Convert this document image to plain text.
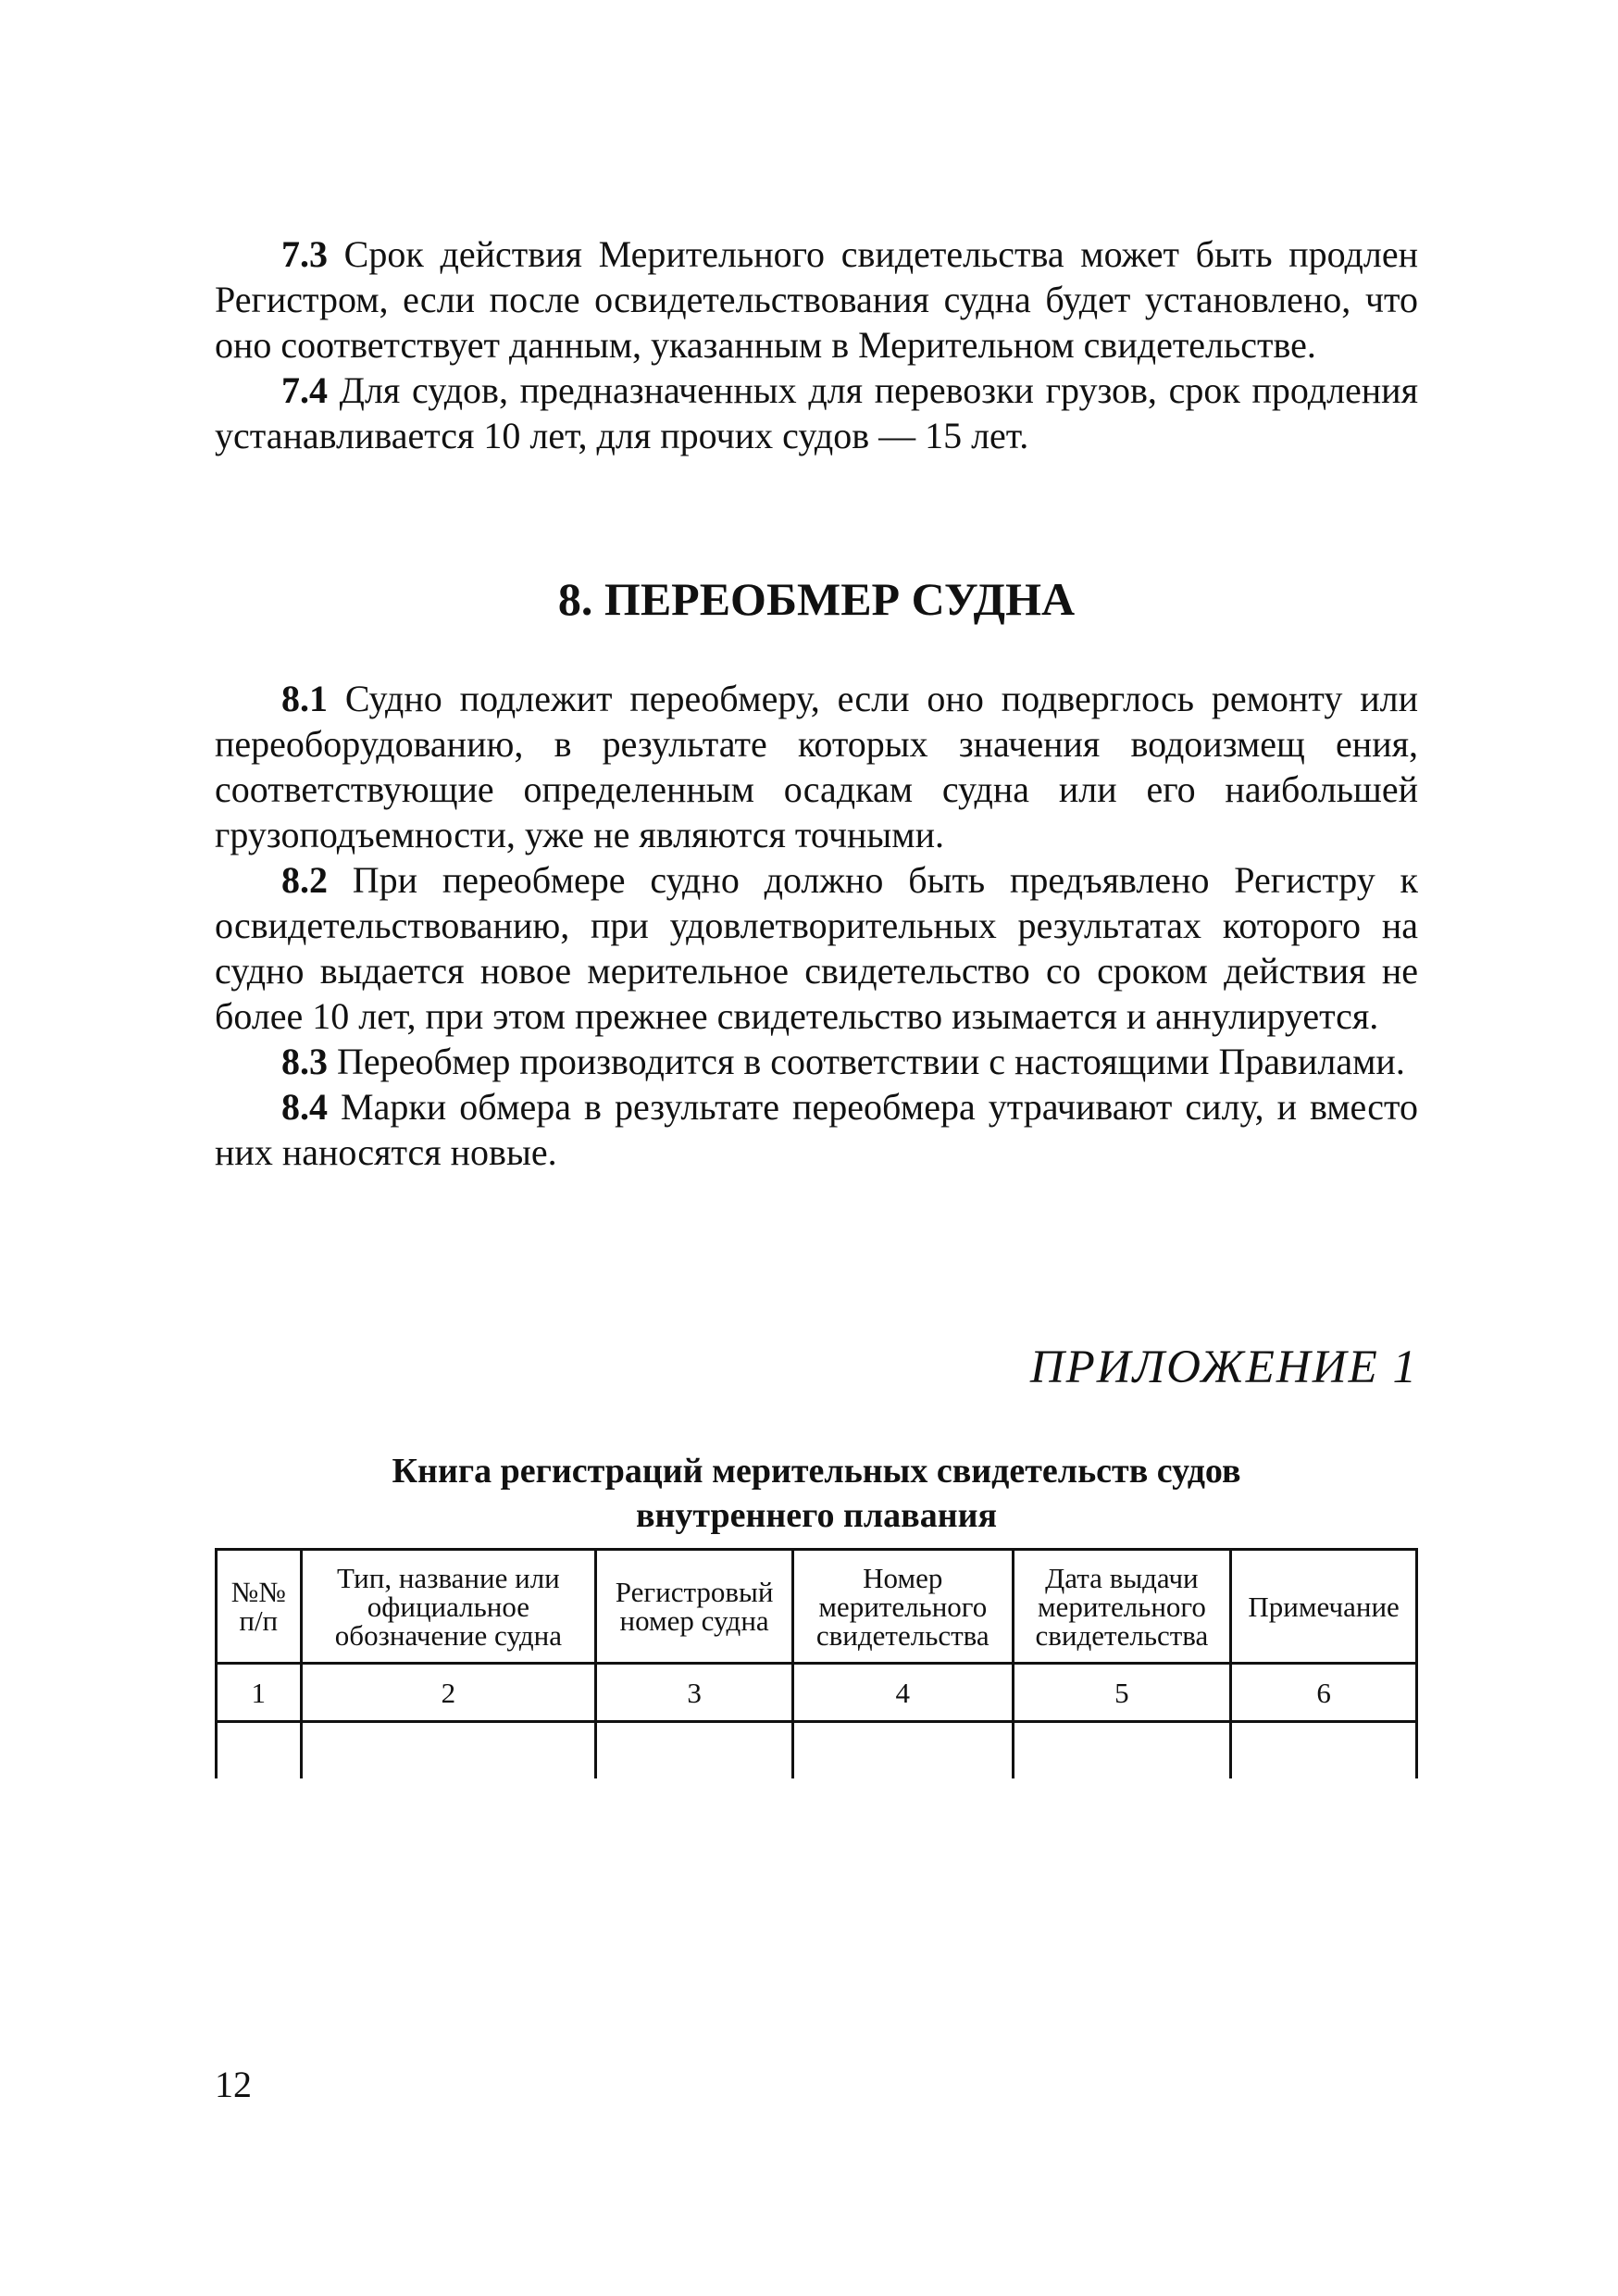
7.3 Срок действия Мерительного свидетельства может быть продлен Регистром, если после освидетельствования судна будет установлено, что оно соответствует данным, указанным в Мерительном свидетельстве.

7.4 Для судов, предназначенных для перевозки грузов, срок продления устанавливается 10 лет, для прочих судов — 15 лет.

8. ПЕРЕОБМЕР СУДНА

8.1 Судно подлежит переобмеру, если оно подверглось ремонту или переоборудованию, в результате которых значения водоизмещ ения, соответствующие определенным осадкам судна или его наибольшей грузоподъемности, уже не являются точными.

8.2 При переобмере судно должно быть предъявлено Регистру к освидетельствованию, при удовлетворительных результатах которого на судно выдается новое мерительное свидетельство со сроком действия не более 10 лет, при этом прежнее свидетельство изымается и аннулируется.

8.3 Переобмер производится в соответствии с настоящими Правилами.

8.4 Марки обмера в результате переобмера утрачивают силу, и вместо них наносятся новые.

ПРИЛОЖЕНИЕ 1

Книга регистраций мерительных свидетельств судов
внутреннего плавания
№№ п/п	Тип, название или официальное обозначение судна	Регистровый номер судна	Номер мерительного свидетельства	Дата выдачи мерительного свидетельства	Примечание
1	2	3	4	5	6

12
